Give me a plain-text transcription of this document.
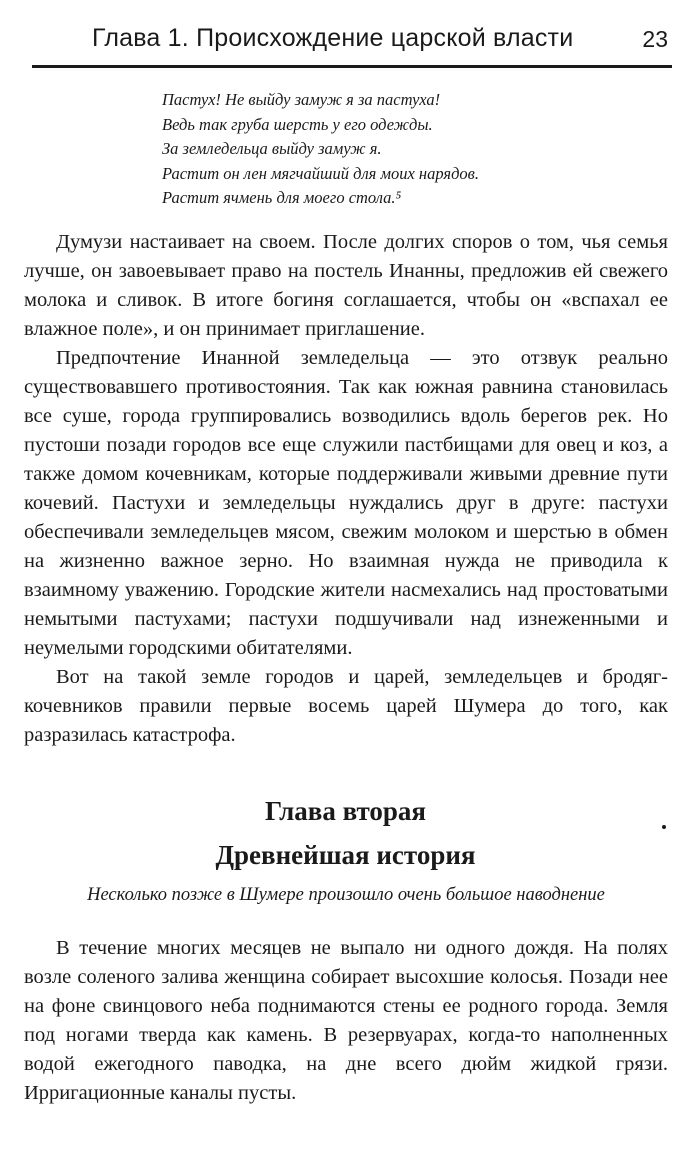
Глава 1. Происхождение царской власти	23
Пастух! Не выйду замуж я за пастуха!
Ведь так груба шерсть у его одежды.
За земледельца выйду замуж я.
Растит он лен мягчайший для моих нарядов.
Растит ячмень для моего стола.⁵

Думузи настаивает на своем. После долгих споров о том, чья семья лучше, он завоевывает право на постель Инанны, предложив ей свежего молока и сливок. В итоге богиня соглашается, чтобы он «вспахал ее влажное поле», и он принимает приглашение.

Предпочтение Инанной земледельца — это отзвук реально существовавшего противостояния. Так как южная равнина становилась все суше, города группировались возводились вдоль берегов рек. Но пустоши позади городов все еще служили пастбищами для овец и коз, а также домом кочевникам, которые поддерживали живыми древние пути кочевий. Пастухи и земледельцы нуждались друг в друге: пастухи обеспечивали земледельцев мясом, свежим молоком и шерстью в обмен на жизненно важное зерно. Но взаимная нужда не приводила к взаимному уважению. Городские жители насмехались над простоватыми немытыми пастухами; пастухи подшучивали над изнеженными и неумелыми городскими обитателями.

Вот на такой земле городов и царей, земледельцев и бродяг-кочевников правили первые восемь царей Шумера до того, как разразилась катастрофа.

Глава вторая
Древнейшая история
Несколько позже в Шумере произошло очень большое наводнение

В течение многих месяцев не выпало ни одного дождя. На полях возле соленого залива женщина собирает высохшие колосья. Позади нее на фоне свинцового неба поднимаются стены ее родного города. Земля под ногами тверда как камень. В резервуарах, когда-то наполненных водой ежегодного паводка, на дне всего дюйм жидкой грязи. Ирригационные каналы пусты.
